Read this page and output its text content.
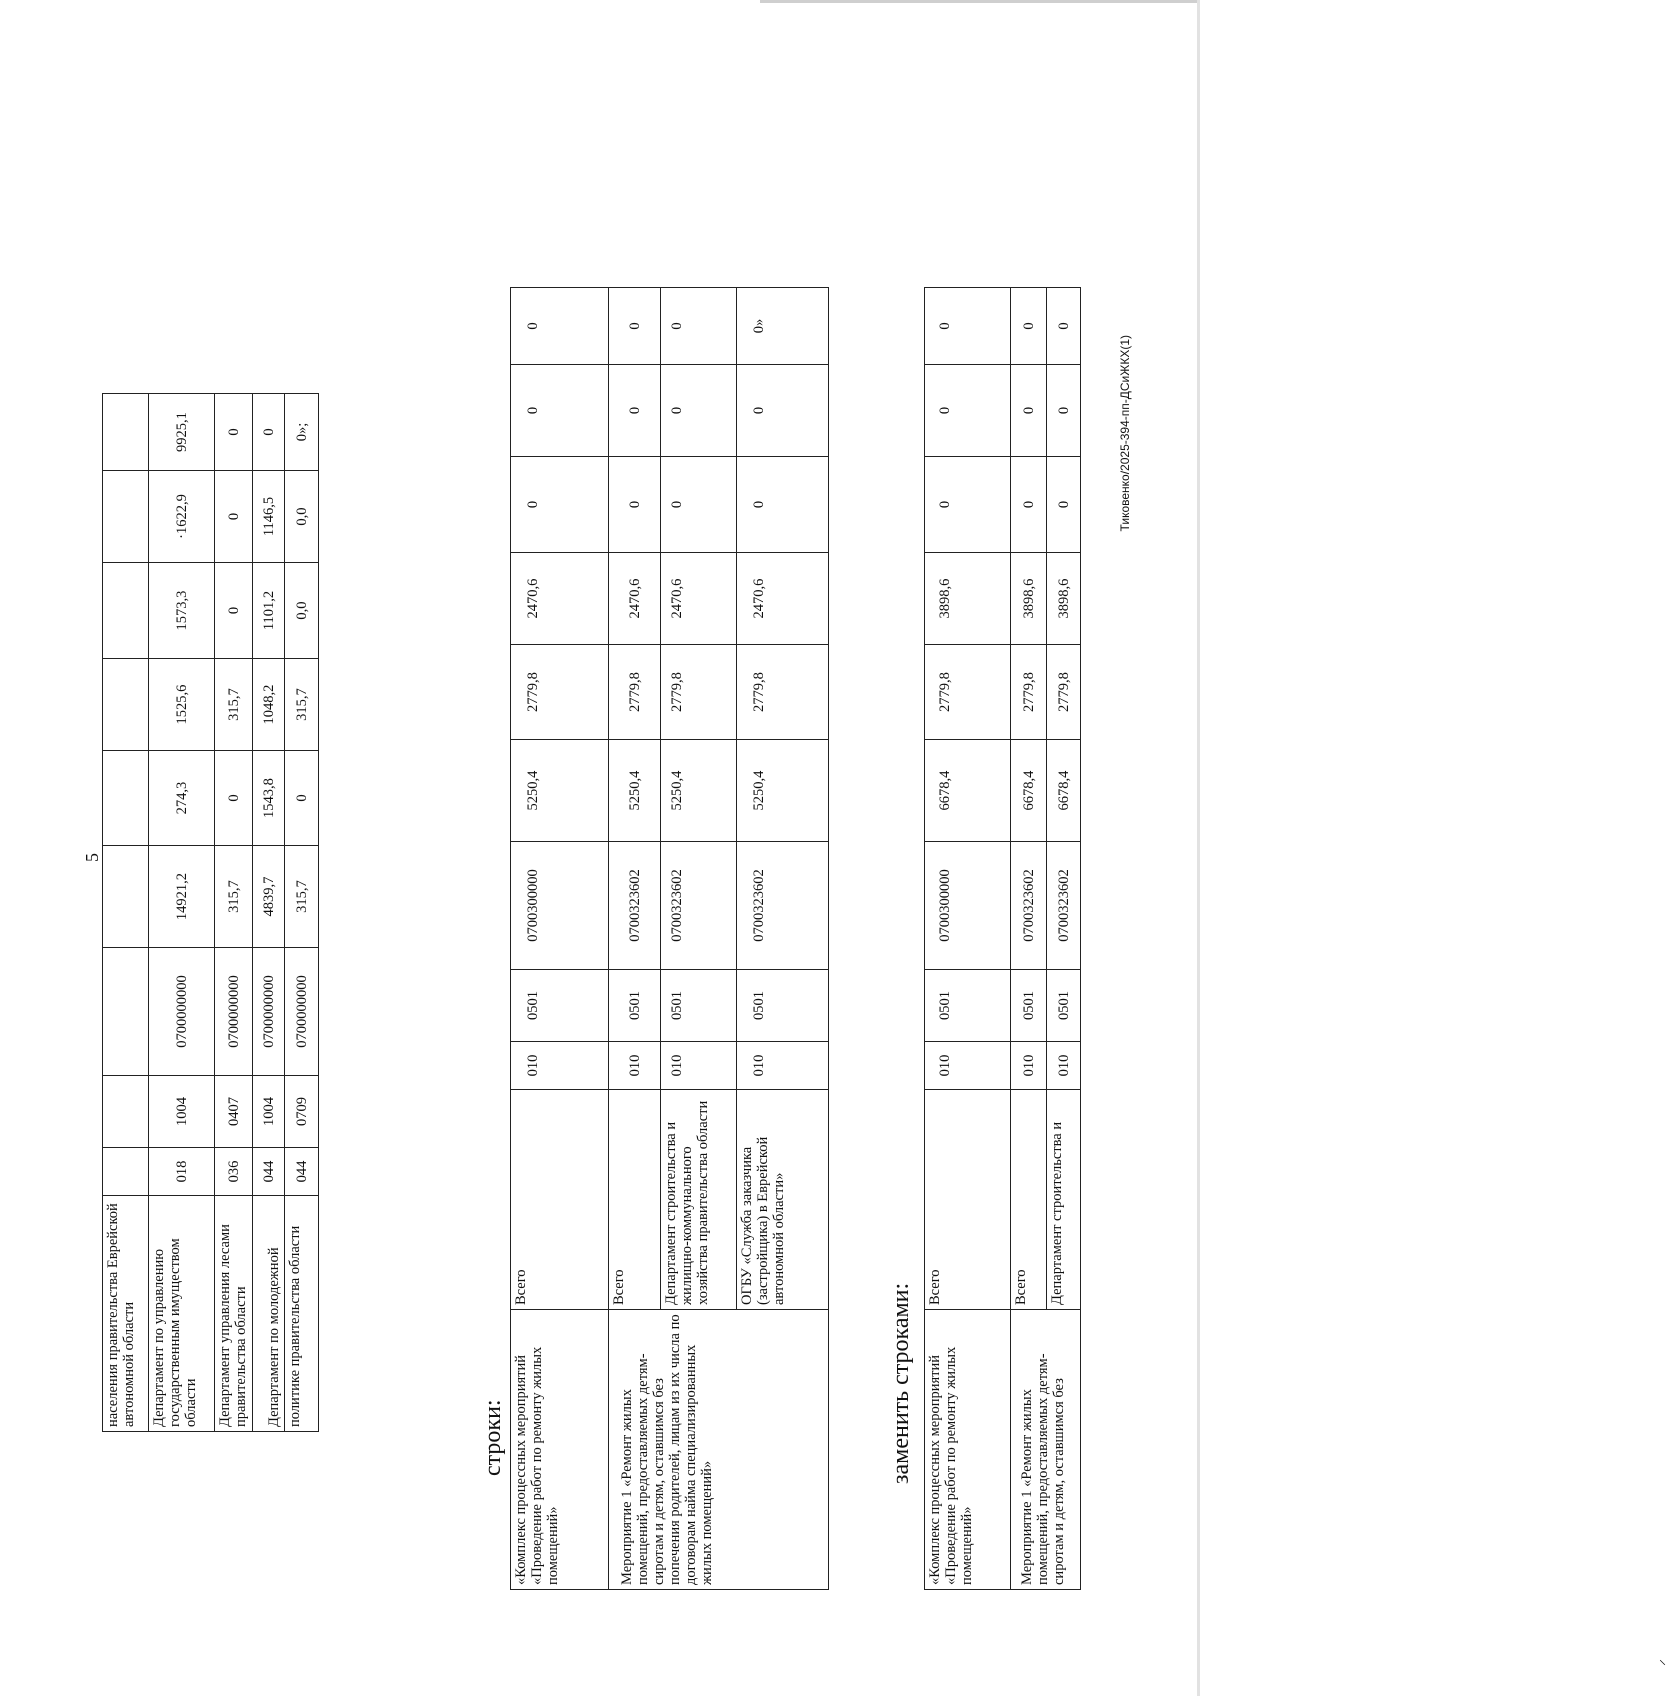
⸝
5
населения правительства Еврейской автономной области									
Департамент по управлению государственным имуществом области	018	1004	0700000000	14921,2	274,3	1525,6	1573,3	·1622,9	9925,1
Департамент управления лесами правительства области	036	0407	0700000000	315,7	0	315,7	0	0	0
Департамент по молодежной	044	1004	0700000000	4839,7	1543,8	1048,2	1101,2	1146,5	0
политике правительства области	044	0709	0700000000	315,7	0	315,7	0,0	0,0	0»;
строки: «Комплекс процессных мероприятий «Проведение работ по ремонту жилых помещений»	Всего	010	0501	0700300000	5250,4	2779,8	2470,6	0	0	0
Мероприятие 1 «Ремонт жилых помещений, предоставляемых детям-сиротам и детям, оставшимся без попечения родителей, лицам из их числа по договорам найма специализированных жилых помещений»	Всего	010	0501	0700323602	5250,4	2779,8	2470,6	0	0	0
	Департамент строительства и жилищно-коммунального хозяйства правительства области	010	0501	0700323602	5250,4	2779,8	2470,6	0	0	0
	ОГБУ «Служба заказчика (застройщика) в Еврейской автономной области»	010	0501	0700323602	5250,4	2779,8	2470,6	0	0	0»
заменить строками: «Комплекс процессных мероприятий «Проведение работ по ремонту жилых помещений»	Всего	010	0501	0700300000	6678,4	2779,8	3898,6	0	0	0
Мероприятие 1 «Ремонт жилых помещений, предоставляемых детям-сиротам и детям, оставшимся без	Всего	010	0501	0700323602	6678,4	2779,8	3898,6	0	0	0
	Департамент строительства и	010	0501	0700323602	6678,4	2779,8	3898,6	0	0	0
Тиковенко/2025-394-пп-ДСиЖКХ(1)
